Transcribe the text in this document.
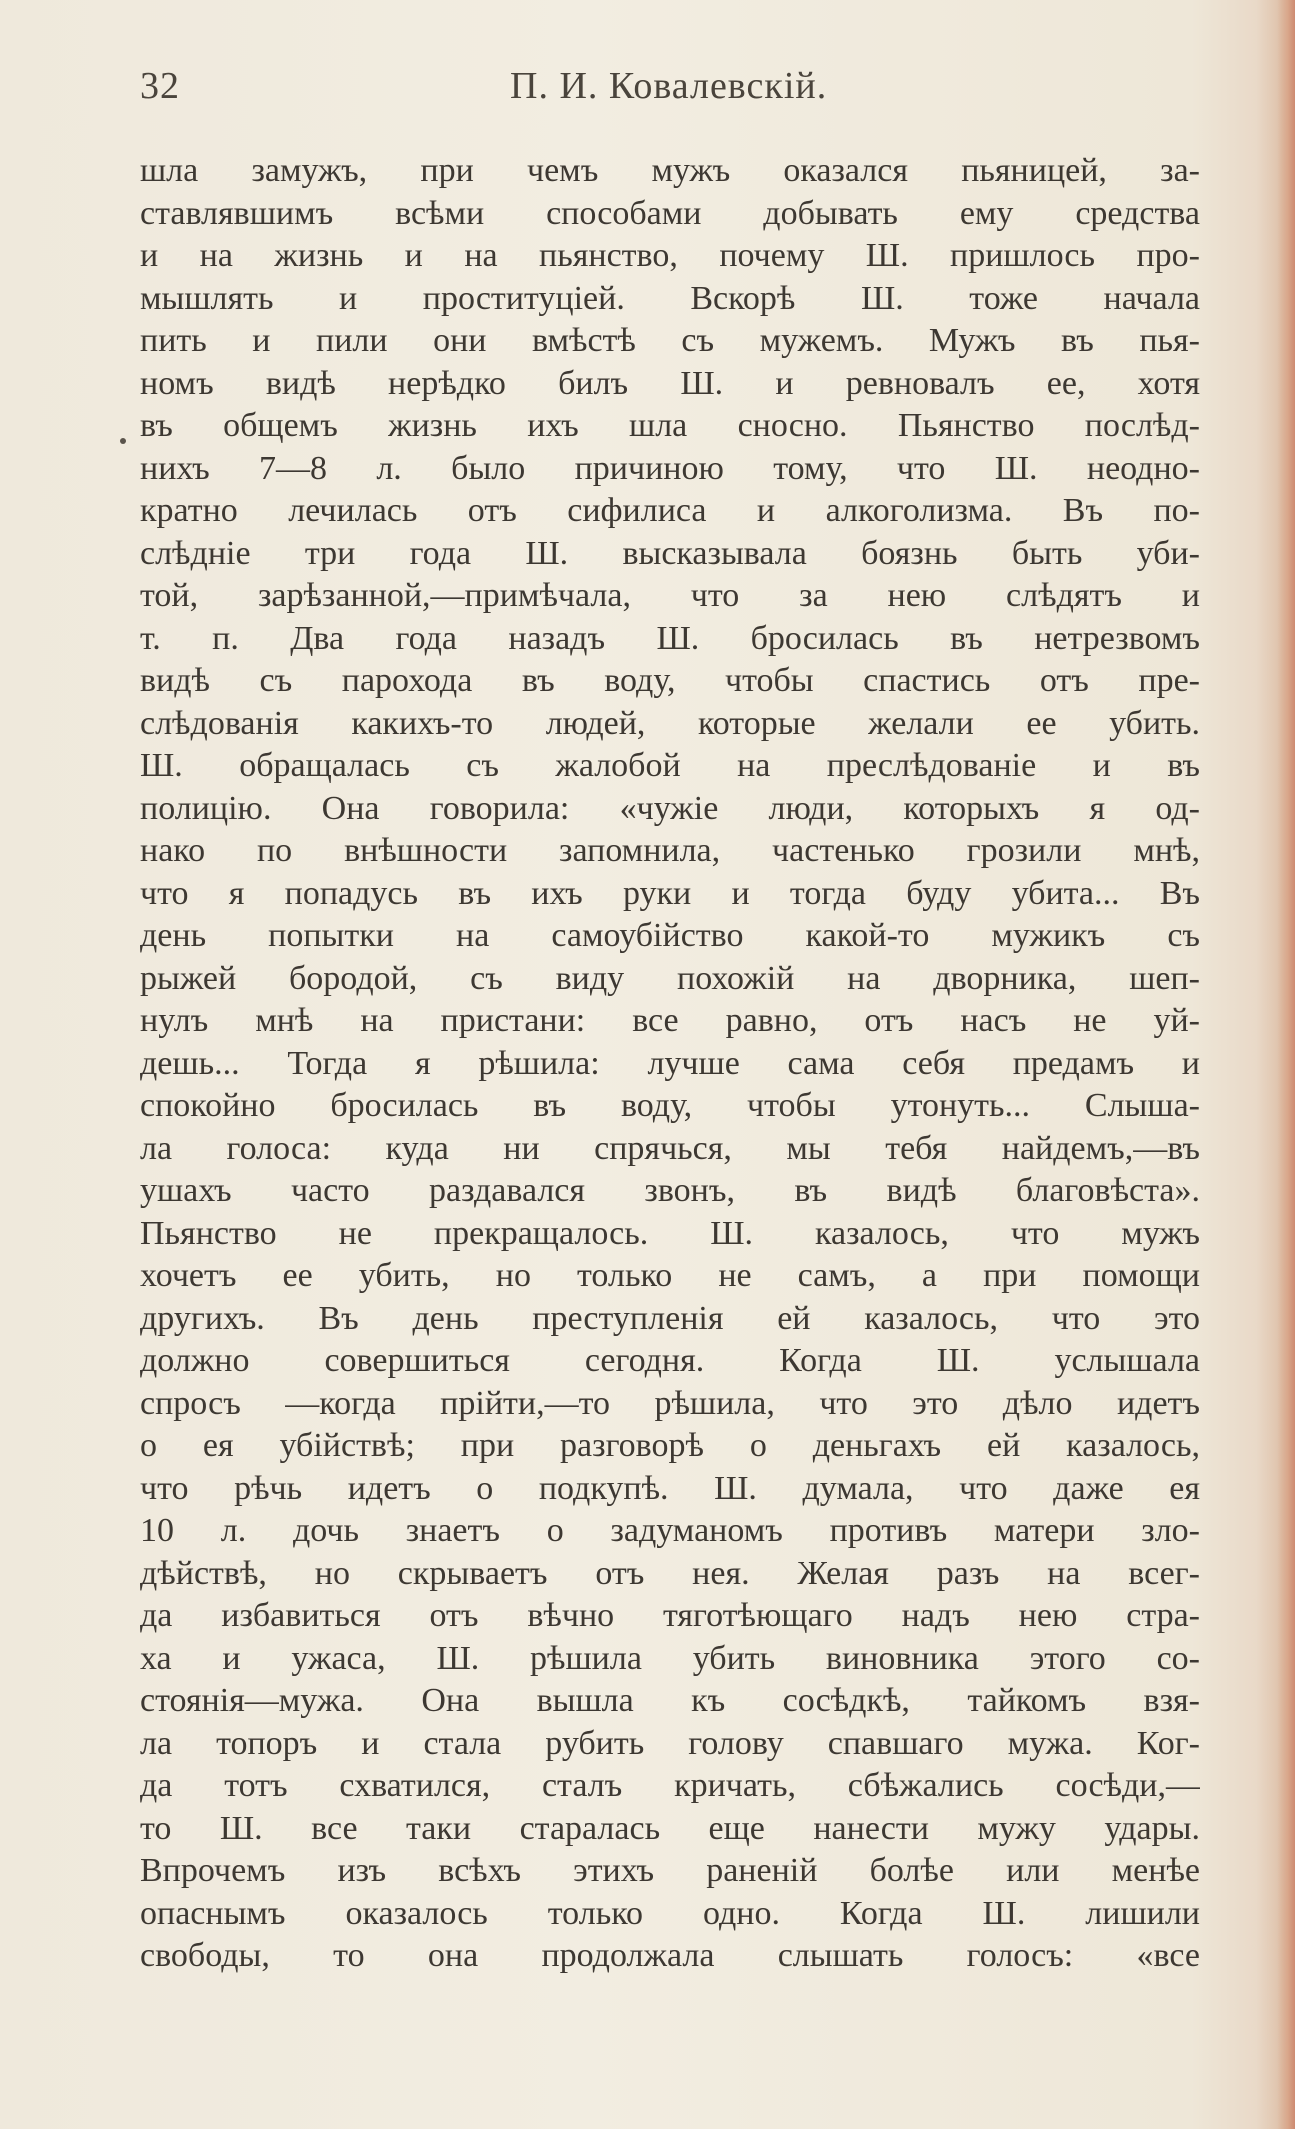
32	П. И. Ковалевскій.
шла замужъ, при чемъ мужъ оказался пьяницей, за-
ставлявшимъ всѣми способами добывать ему средства
и на жизнь и на пьянство, почему Ш. пришлось про-
мышлять и проституціей. Вскорѣ Ш. тоже начала
пить и пили они вмѣстѣ съ мужемъ. Мужъ въ пья-
номъ видѣ нерѣдко билъ Ш. и ревновалъ ее, хотя
въ общемъ жизнь ихъ шла сносно. Пьянство послѣд-
нихъ 7—8 л. было причиною тому, что Ш. неодно-
кратно лечилась отъ сифилиса и алкоголизма. Въ по-
слѣдніе три года Ш. высказывала боязнь быть уби-
той, зарѣзанной,—примѣчала, что за нею слѣдятъ и
т. п. Два года назадъ Ш. бросилась въ нетрезвомъ
видѣ съ парохода въ воду, чтобы спастись отъ пре-
слѣдованія какихъ-то людей, которые желали ее убить.
Ш. обращалась съ жалобой на преслѣдованіе и въ
полицію. Она говорила: «чужіе люди, которыхъ я од-
нако по внѣшности запомнила, частенько грозили мнѣ,
что я попадусь въ ихъ руки и тогда буду убита... Въ
день попытки на самоубійство какой-то мужикъ съ
рыжей бородой, съ виду похожій на дворника, шеп-
нулъ мнѣ на пристани: все равно, отъ насъ не уй-
дешь... Тогда я рѣшила: лучше сама себя предамъ и
спокойно бросилась въ воду, чтобы утонуть... Слыша-
ла голоса: куда ни спрячься, мы тебя найдемъ,—въ
ушахъ часто раздавался звонъ, въ видѣ благовѣста».
Пьянство не прекращалось. Ш. казалось, что мужъ
хочетъ ее убить, но только не самъ, а при помощи
другихъ. Въ день преступленія ей казалось, что это
должно совершиться сегодня. Когда Ш. услышала
спросъ —когда прійти,—то рѣшила, что это дѣло идетъ
о ея убійствѣ; при разговорѣ о деньгахъ ей казалось,
что рѣчь идетъ о подкупѣ. Ш. думала, что даже ея
10 л. дочь знаетъ о задуманомъ противъ матери зло-
дѣйствѣ, но скрываетъ отъ нея. Желая разъ на всег-
да избавиться отъ вѣчно тяготѣющаго надъ нею стра-
ха и ужаса, Ш. рѣшила убить виновника этого со-
стоянія—мужа. Она вышла къ сосѣдкѣ, тайкомъ взя-
ла топоръ и стала рубить голову спавшаго мужа. Ког-
да тотъ схватился, сталъ кричать, сбѣжались сосѣди,—
то Ш. все таки старалась еще нанести мужу удары.
Впрочемъ изъ всѣхъ этихъ раненій болѣе или менѣе
опаснымъ оказалось только одно. Когда Ш. лишили
свободы, то она продолжала слышать голосъ: «все
